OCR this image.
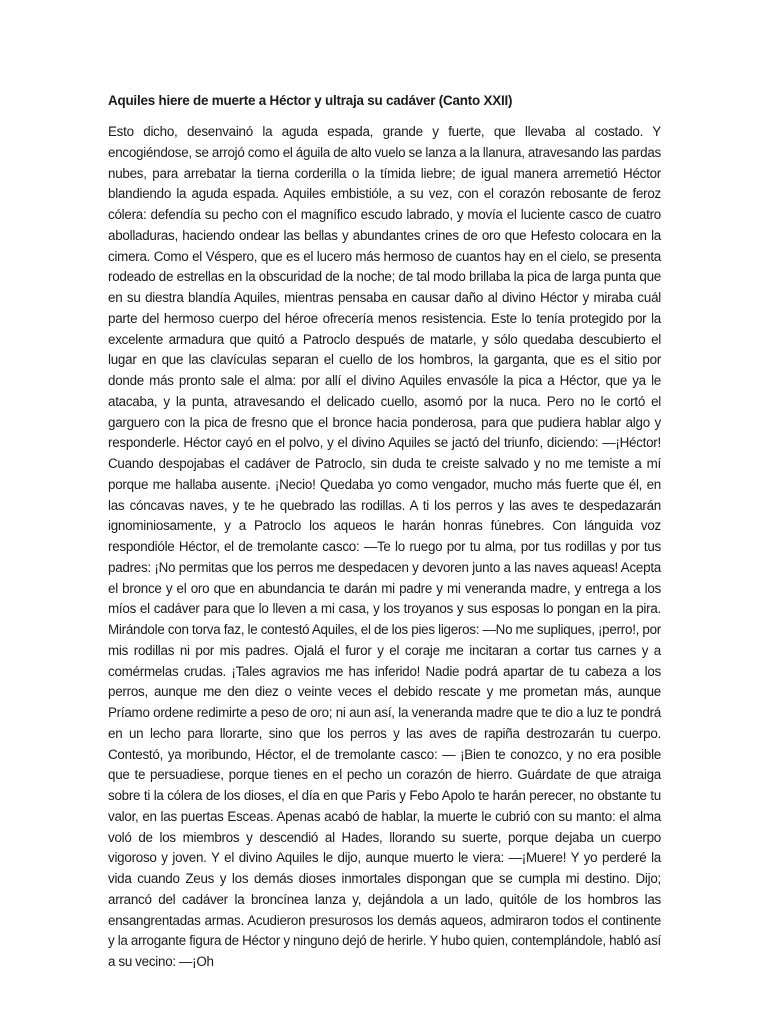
Aquiles hiere de muerte a Héctor y ultraja su cadáver (Canto XXII)

Esto dicho, desenvainó la aguda espada, grande y fuerte, que llevaba al costado. Y encogiéndose, se arrojó como el águila de alto vuelo se lanza a la llanura, atravesando las pardas nubes, para arrebatar la tierna corderilla o la tímida liebre; de igual manera arremetió Héctor blandiendo la aguda espada. Aquiles embistióle, a su vez, con el corazón rebosante de feroz cólera: defendía su pecho con el magnífico escudo labrado, y movía el luciente casco de cuatro abolladuras, haciendo ondear las bellas y abundantes crines de oro que Hefesto colocara en la cimera. Como el Véspero, que es el lucero más hermoso de cuantos hay en el cielo, se presenta rodeado de estrellas en la obscuridad de la noche; de tal modo brillaba la pica de larga punta que en su diestra blandía Aquiles, mientras pensaba en causar daño al divino Héctor y miraba cuál parte del hermoso cuerpo del héroe ofrecería menos resistencia. Este lo tenía protegido por la excelente armadura que quitó a Patroclo después de matarle, y sólo quedaba descubierto el lugar en que las clavículas separan el cuello de los hombros, la garganta, que es el sitio por donde más pronto sale el alma: por allí el divino Aquiles envasóle la pica a Héctor, que ya le atacaba, y la punta, atravesando el delicado cuello, asomó por la nuca. Pero no le cortó el garguero con la pica de fresno que el bronce hacia ponderosa, para que pudiera hablar algo y responderle. Héctor cayó en el polvo, y el divino Aquiles se jactó del triunfo, diciendo: —¡Héctor! Cuando despojabas el cadáver de Patroclo, sin duda te creiste salvado y no me temiste a mí porque me hallaba ausente. ¡Necio! Quedaba yo como vengador, mucho más fuerte que él, en las cóncavas naves, y te he quebrado las rodillas. A ti los perros y las aves te despedazarán ignominiosamente, y a Patroclo los aqueos le harán honras fúnebres. Con lánguida voz respondióle Héctor, el de tremolante casco: —Te lo ruego por tu alma, por tus rodillas y por tus padres: ¡No permitas que los perros me despedacen y devoren junto a las naves aqueas! Acepta el bronce y el oro que en abundancia te darán mi padre y mi veneranda madre, y entrega a los míos el cadáver para que lo lleven a mi casa, y los troyanos y sus esposas lo pongan en la pira. Mirándole con torva faz, le contestó Aquiles, el de los pies ligeros: —No me supliques, ¡perro!, por mis rodillas ni por mis padres. Ojalá el furor y el coraje me incitaran a cortar tus carnes y a comérmelas crudas. ¡Tales agravios me has inferido! Nadie podrá apartar de tu cabeza a los perros, aunque me den diez o veinte veces el debido rescate y me prometan más, aunque Príamo ordene redimirte a peso de oro; ni aun así, la veneranda madre que te dio a luz te pondrá en un lecho para llorarte, sino que los perros y las aves de rapiña destrozarán tu cuerpo. Contestó, ya moribundo, Héctor, el de tremolante casco: — ¡Bien te conozco, y no era posible que te persuadiese, porque tienes en el pecho un corazón de hierro. Guárdate de que atraiga sobre ti la cólera de los dioses, el día en que Paris y Febo Apolo te harán perecer, no obstante tu valor, en las puertas Esceas. Apenas acabó de hablar, la muerte le cubrió con su manto: el alma voló de los miembros y descendió al Hades, llorando su suerte, porque dejaba un cuerpo vigoroso y joven. Y el divino Aquiles le dijo, aunque muerto le viera: —¡Muere! Y yo perderé la vida cuando Zeus y los demás dioses inmortales dispongan que se cumpla mi destino. Dijo; arrancó del cadáver la broncínea lanza y, dejándola a un lado, quitóle de los hombros las ensangrentadas armas. Acudieron presurosos los demás aqueos, admiraron todos el continente y la arrogante figura de Héctor y ninguno dejó de herirle. Y hubo quien, contemplándole, habló así a su vecino: —¡Oh
